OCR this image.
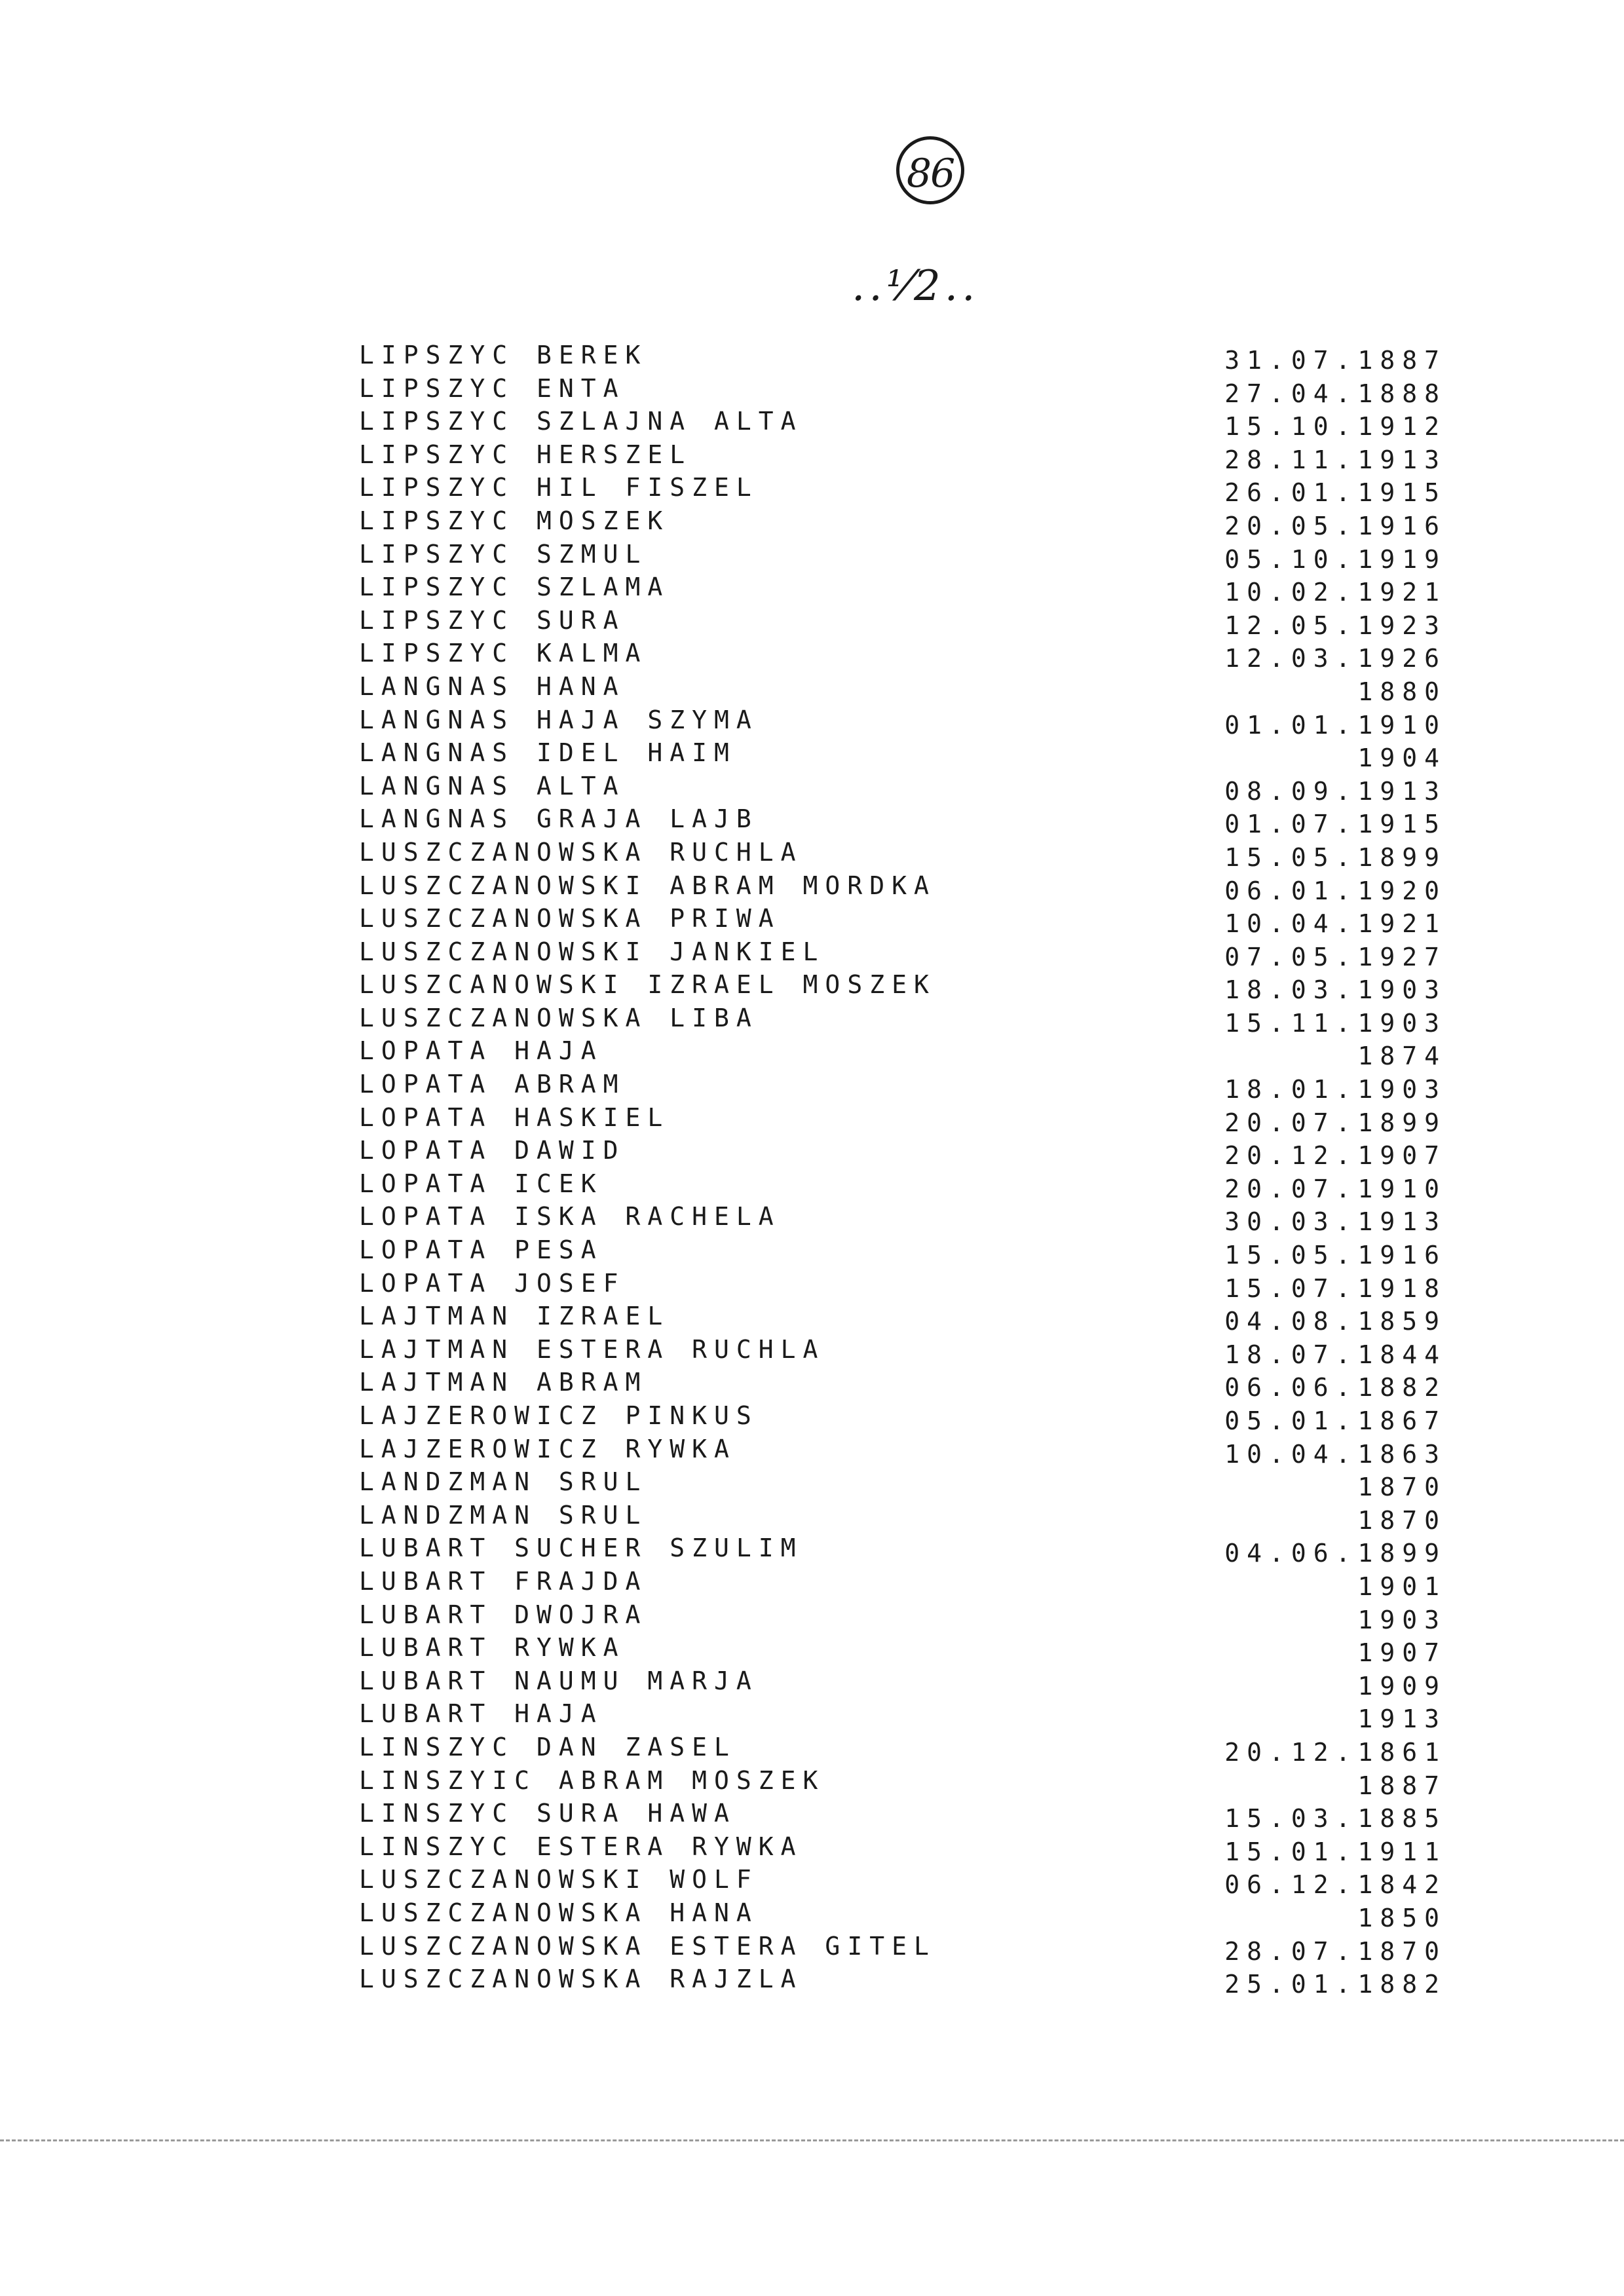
86
..⅟2..
LIPSZYC BEREK	31.07.1887
LIPSZYC ENTA	27.04.1888
LIPSZYC SZLAJNA ALTA	15.10.1912
LIPSZYC HERSZEL	28.11.1913
LIPSZYC HIL FISZEL	26.01.1915
LIPSZYC MOSZEK	20.05.1916
LIPSZYC SZMUL	05.10.1919
LIPSZYC SZLAMA	10.02.1921
LIPSZYC SURA	12.05.1923
LIPSZYC KALMA	12.03.1926
LANGNAS HANA	1880
LANGNAS HAJA SZYMA	01.01.1910
LANGNAS IDEL HAIM	1904
LANGNAS ALTA	08.09.1913
LANGNAS GRAJA LAJB	01.07.1915
LUSZCZANOWSKA RUCHLA	15.05.1899
LUSZCZANOWSKI ABRAM MORDKA	06.01.1920
LUSZCZANOWSKA PRIWA	10.04.1921
LUSZCZANOWSKI JANKIEL	07.05.1927
LUSZCANOWSKI IZRAEL MOSZEK	18.03.1903
LUSZCZANOWSKA LIBA	15.11.1903
LOPATA HAJA	1874
LOPATA ABRAM	18.01.1903
LOPATA HASKIEL	20.07.1899
LOPATA DAWID	20.12.1907
LOPATA ICEK	20.07.1910
LOPATA ISKA RACHELA	30.03.1913
LOPATA PESA	15.05.1916
LOPATA JOSEF	15.07.1918
LAJTMAN IZRAEL	04.08.1859
LAJTMAN ESTERA RUCHLA	18.07.1844
LAJTMAN ABRAM	06.06.1882
LAJZEROWICZ PINKUS	05.01.1867
LAJZEROWICZ RYWKA	10.04.1863
LANDZMAN SRUL	1870
LANDZMAN SRUL	1870
LUBART SUCHER SZULIM	04.06.1899
LUBART FRAJDA	1901
LUBART DWOJRA	1903
LUBART RYWKA	1907
LUBART NAUMU MARJA	1909
LUBART HAJA	1913
LINSZYC DAN ZASEL	20.12.1861
LINSZYIC ABRAM MOSZEK	1887
LINSZYC SURA HAWA	15.03.1885
LINSZYC ESTERA RYWKA	15.01.1911
LUSZCZANOWSKI WOLF	06.12.1842
LUSZCZANOWSKA HANA	1850
LUSZCZANOWSKA ESTERA GITEL	28.07.1870
LUSZCZANOWSKA RAJZLA	25.01.1882
